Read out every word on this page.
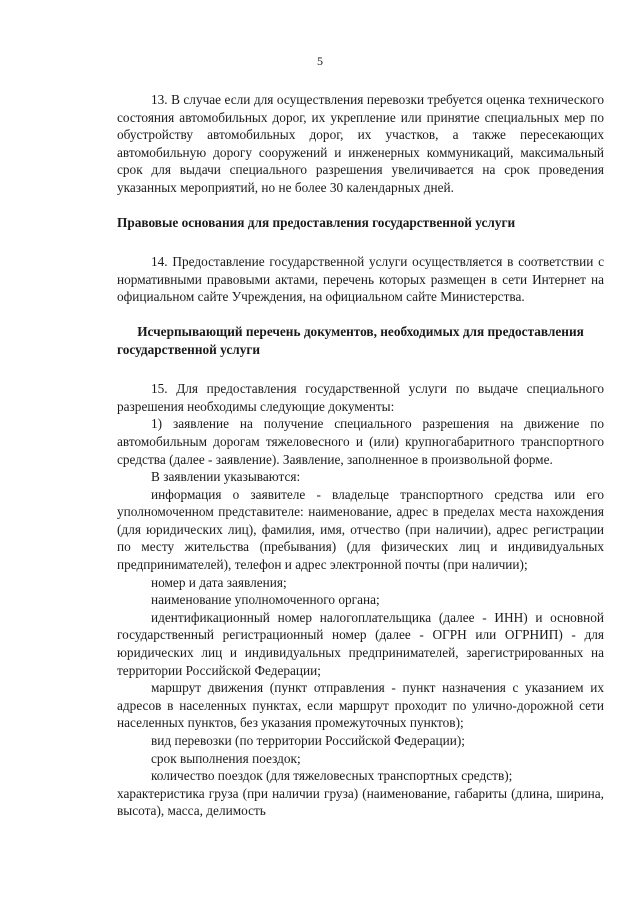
5

13. В случае если для осуществления перевозки требуется оценка технического состояния автомобильных дорог, их укрепление или принятие специальных мер по обустройству автомобильных дорог, их участков, а также пересекающих автомобильную дорогу сооружений и инженерных коммуникаций, максимальный срок для выдачи специального разрешения увеличивается на срок проведения указанных мероприятий, но не более 30 календарных дней.

Правовые основания для предоставления государственной услуги

14. Предоставление государственной услуги осуществляется в соответствии с нормативными правовыми актами, перечень которых размещен в сети Интернет на официальном сайте Учреждения, на официальном сайте Министерства.

Исчерпывающий перечень документов, необходимых для предоставления государственной услуги

15. Для предоставления государственной услуги по выдаче специального разрешения необходимы следующие документы:

1) заявление на получение специального разрешения на движение по автомобильным дорогам тяжеловесного и (или) крупногабаритного транспортного средства (далее - заявление). Заявление, заполненное в произвольной форме.

В заявлении указываются:

информация о заявителе - владельце транспортного средства или его уполномоченном представителе: наименование, адрес в пределах места нахождения (для юридических лиц), фамилия, имя, отчество (при наличии), адрес регистрации по месту жительства (пребывания) (для физических лиц и индивидуальных предпринимателей), телефон и адрес электронной почты (при наличии);

номер и дата заявления;

наименование уполномоченного органа;

идентификационный номер налогоплательщика (далее - ИНН) и основной государственный регистрационный номер (далее - ОГРН или ОГРНИП) - для юридических лиц и индивидуальных предпринимателей, зарегистрированных на территории Российской Федерации;

маршрут движения (пункт отправления - пункт назначения с указанием их адресов в населенных пунктах, если маршрут проходит по улично-дорожной сети населенных пунктов, без указания промежуточных пунктов);

вид перевозки (по территории Российской Федерации);

срок выполнения поездок;

количество поездок (для тяжеловесных транспортных средств);

характеристика груза (при наличии груза) (наименование, габариты (длина, ширина, высота), масса, делимость
